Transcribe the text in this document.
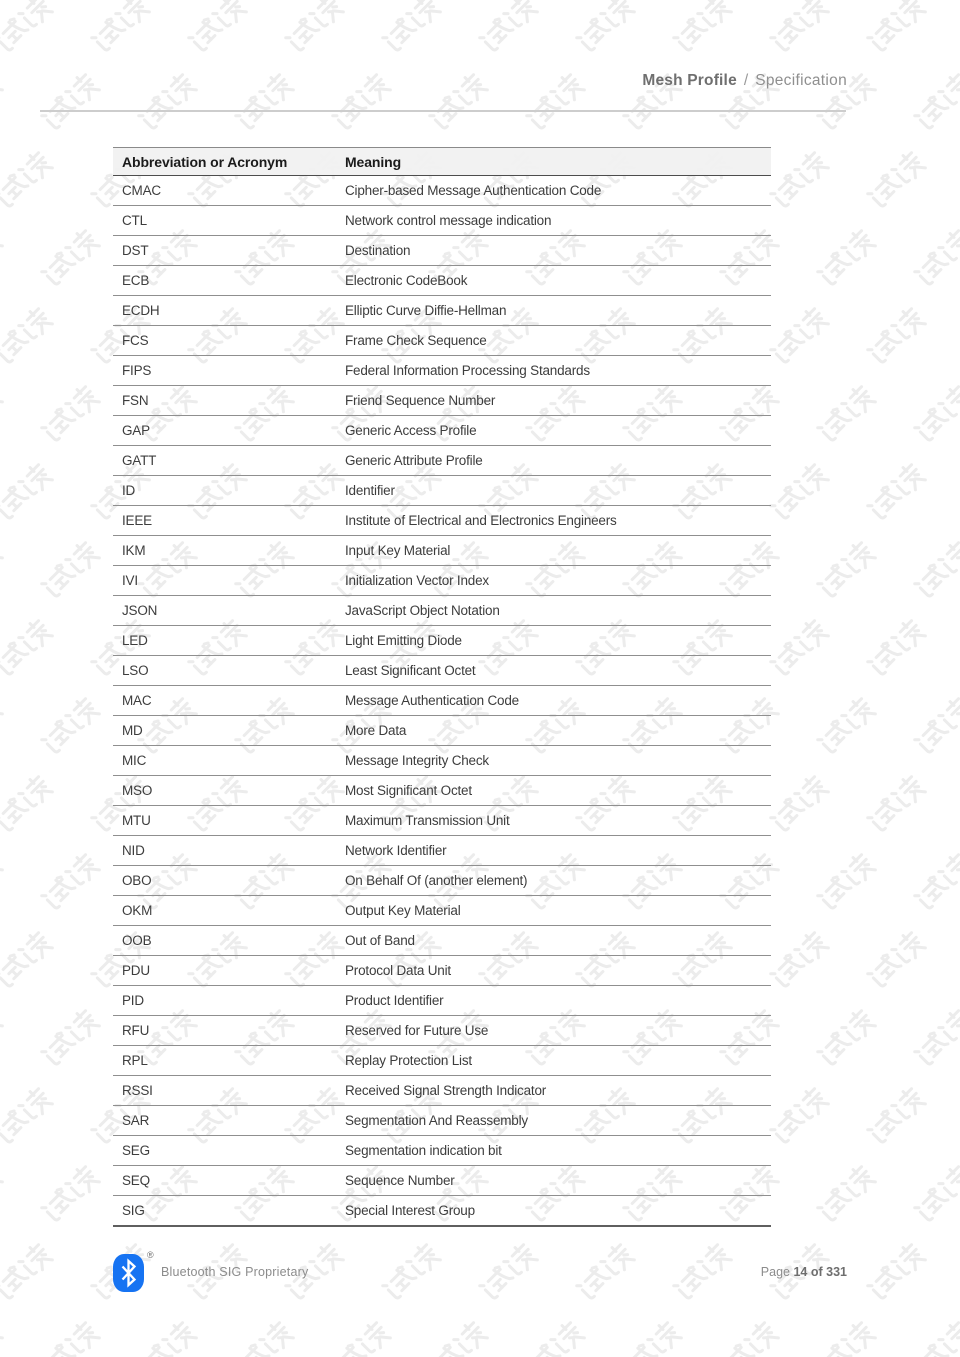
Mesh Profile / Specification
Abbreviation or Acronym	Meaning
CMAC	Cipher-based Message Authentication Code
CTL	Network control message indication
DST	Destination
ECB	Electronic CodeBook
ECDH	Elliptic Curve Diffie-Hellman
FCS	Frame Check Sequence
FIPS	Federal Information Processing Standards
FSN	Friend Sequence Number
GAP	Generic Access Profile
GATT	Generic Attribute Profile
ID	Identifier
IEEE	Institute of Electrical and Electronics Engineers
IKM	Input Key Material
IVI	Initialization Vector Index
JSON	JavaScript Object Notation
LED	Light Emitting Diode
LSO	Least Significant Octet
MAC	Message Authentication Code
MD	More Data
MIC	Message Integrity Check
MSO	Most Significant Octet
MTU	Maximum Transmission Unit
NID	Network Identifier
OBO	On Behalf Of (another element)
OKM	Output Key Material
OOB	Out of Band
PDU	Protocol Data Unit
PID	Product Identifier
RFU	Reserved for Future Use
RPL	Replay Protection List
RSSI	Received Signal Strength Indicator
SAR	Segmentation And Reassembly
SEG	Segmentation indication bit
SEQ	Sequence Number
SIG	Special Interest Group
®
Bluetooth SIG Proprietary	Page 14 of 331
